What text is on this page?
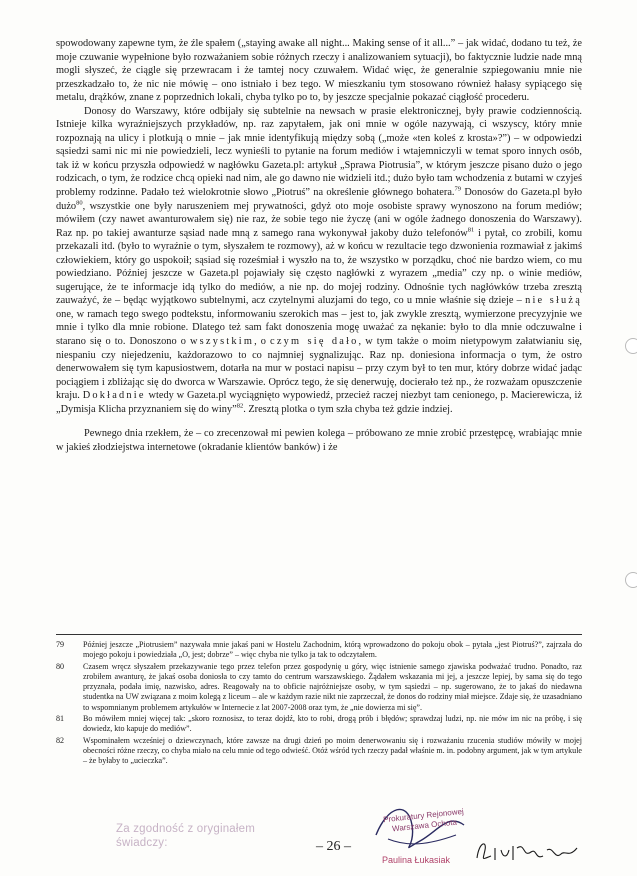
spowodowany zapewne tym, że źle spałem („staying awake all night... Making sense of it all...” – jak widać, dodano tu też, że moje czuwanie wypełnione było rozważaniem sobie różnych rzeczy i analizowaniem sytuacji), bo faktycznie ludzie nade mną mogli słyszeć, że ciągle się przewracam i że tamtej nocy czuwałem. Widać więc, że generalnie szpiegowaniu mnie nie przeszkadzało to, że nic nie mówię – ono istniało i bez tego. W mieszkaniu tym stosowano również hałasy sypiącego się metalu, drążków, znane z poprzednich lokali, chyba tylko po to, by jeszcze specjalnie pokazać ciągłość procederu.

Donosy do Warszawy, które odbijały się subtelnie na newsach w prasie elektronicznej, były prawie codziennością. Istnieje kilka wyraźniejszych przykładów, np. raz zapytałem, jak oni mnie w ogóle nazywają, ci wszyscy, który mnie rozpoznają na ulicy i plotkują o mnie – jak mnie identyfikują między sobą („może «ten koleś z krosta»?”) – w odpowiedzi sąsiedzi sami nic mi nie powiedzieli, lecz wynieśli to pytanie na forum mediów i wtajemniczyli w temat sporo innych osób, tak iż w końcu przyszła odpowiedź w nagłówku Gazeta.pl: artykuł „Sprawa Piotrusia”, w którym jeszcze pisano dużo o jego rodzicach, o tym, że rodzice chcą opieki nad nim, ale go dawno nie widzieli itd.; dużo było tam wchodzenia z butami w czyjeś problemy rodzinne. Padało też wielokrotnie słowo „Piotruś” na określenie głównego bohatera.$^{79}$ Donosów do Gazeta.pl było dużo$^{80}$, wszystkie one były naruszeniem mej prywatności, gdyż oto moje osobiste sprawy wynoszono na forum mediów; mówiłem (czy nawet awanturowałem się) nie raz, że sobie tego nie życzę (ani w ogóle żadnego donoszenia do Warszawy). Raz np. po takiej awanturze sąsiad nade mną z samego rana wykonywał jakoby dużo telefonów$^{81}$ i pytał, co zrobili, komu przekazali itd. (było to wyraźnie o tym, słyszałem te rozmowy), aż w końcu w rezultacie tego dzwonienia rozmawiał z jakimś człowiekiem, który go uspokoił; sąsiad się roześmiał i wyszło na to, że wszystko w porządku, choć nie bardzo wiem, co mu powiedziano. Później jeszcze w Gazeta.pl pojawiały się często nagłówki z wyrazem „media” czy np. o winie mediów, sugerujące, że te informacje idą tylko do mediów, a nie np. do mojej rodziny. Odnośnie tych nagłówków trzeba zresztą zauważyć, że – będąc wyjątkowo subtelnymi, acz czytelnymi aluzjami do tego, co u mnie właśnie się dzieje – nie służą one, w ramach tego swego podtekstu, informowaniu szerokich mas – jest to, jak zwykle zresztą, wymierzone precyzyjnie we mnie i tylko dla mnie robione. Dlatego też sam fakt donoszenia mogę uważać za nękanie: było to dla mnie odczuwalne i starano się o to. Donoszono o wszystkim, o czym się dało, w tym także o moim nietypowym załatwianiu się, niespaniu czy niejedzeniu, każdorazowo to co najmniej sygnalizując. Raz np. doniesiona informacja o tym, że ostro denerwowałem się tym kapusiostwem, dotarła na mur w postaci napisu – przy czym był to ten mur, który dobrze widać jadąc pociągiem i zbliżając się do dworca w Warszawie. Oprócz tego, że się denerwuję, docierało też np., że rozważam opuszczenie kraju. Dokładnie wtedy w Gazeta.pl wyciągnięto wypowiedź, przecież raczej niezbyt tam cenionego, p. Macierewicza, iż „Dymisja Klicha przyznaniem się do winy”$^{82}$. Zresztą plotka o tym szła chyba też gdzie indziej.

Pewnego dnia rzekłem, że – co zrecenzował mi pewien kolega – próbowano ze mnie zrobić przestępcę, wrabiając mnie w jakieś złodziejstwa internetowe (okradanie klientów banków) i że

79	Później jeszcze „Piotrusiem” nazywała mnie jakaś pani w Hostelu Zachodnim, którą wprowadzono do pokoju obok – pytała „jest Piotruś?”, zajrzała do mojego pokoju i powiedziała „O, jest; dobrze” – więc chyba nie tylko ja tak to odczytałem.
80	Czasem wręcz słyszałem przekazywanie tego przez telefon przez gospodynię u góry, więc istnienie samego zjawiska podważać trudno. Ponadto, raz zrobiłem awanturę, że jakaś osoba doniosła to czy tamto do centrum warszawskiego. Żądałem wskazania mi jej, a jeszcze lepiej, by sama się do tego przyznała, podała imię, nazwisko, adres. Reagowały na to obficie najróżniejsze osoby, w tym sąsiedzi – np. sugerowano, że to jakaś do niedawna studentka na UW związana z moim kolegą z liceum – ale w każdym razie nikt nie zaprzeczał, że donos do rodziny miał miejsce. Zdaje się, że uzasadniano to wspomnianym problemem artykułów w Internecie z lat 2007-2008 oraz tym, że „nie dowierza mi się”.
81	Bo mówiłem mniej więcej tak: „skoro roznosisz, to teraz dojdź, kto to robi, drogą prób i błędów; sprawdzaj ludzi, np. nie mów im nic na próbę, i się dowiedz, kto kapuje do mediów”.
82	Wspominałem wcześniej o dziewczynach, które zawsze na drugi dzień po moim denerwowaniu się i rozważaniu rzucenia studiów mówiły w mojej obecności różne rzeczy, co chyba miało na celu mnie od tego odwieść. Otóż wśród tych rzeczy padał właśnie m. in. podobny argument, jak w tym artykule – że byłaby to „ucieczka”.
Za zgodność z oryginałem świadczy:	– 26 –
Prokuratury Rejonowej Warszawa Ochota
Paulina Łukasiak
